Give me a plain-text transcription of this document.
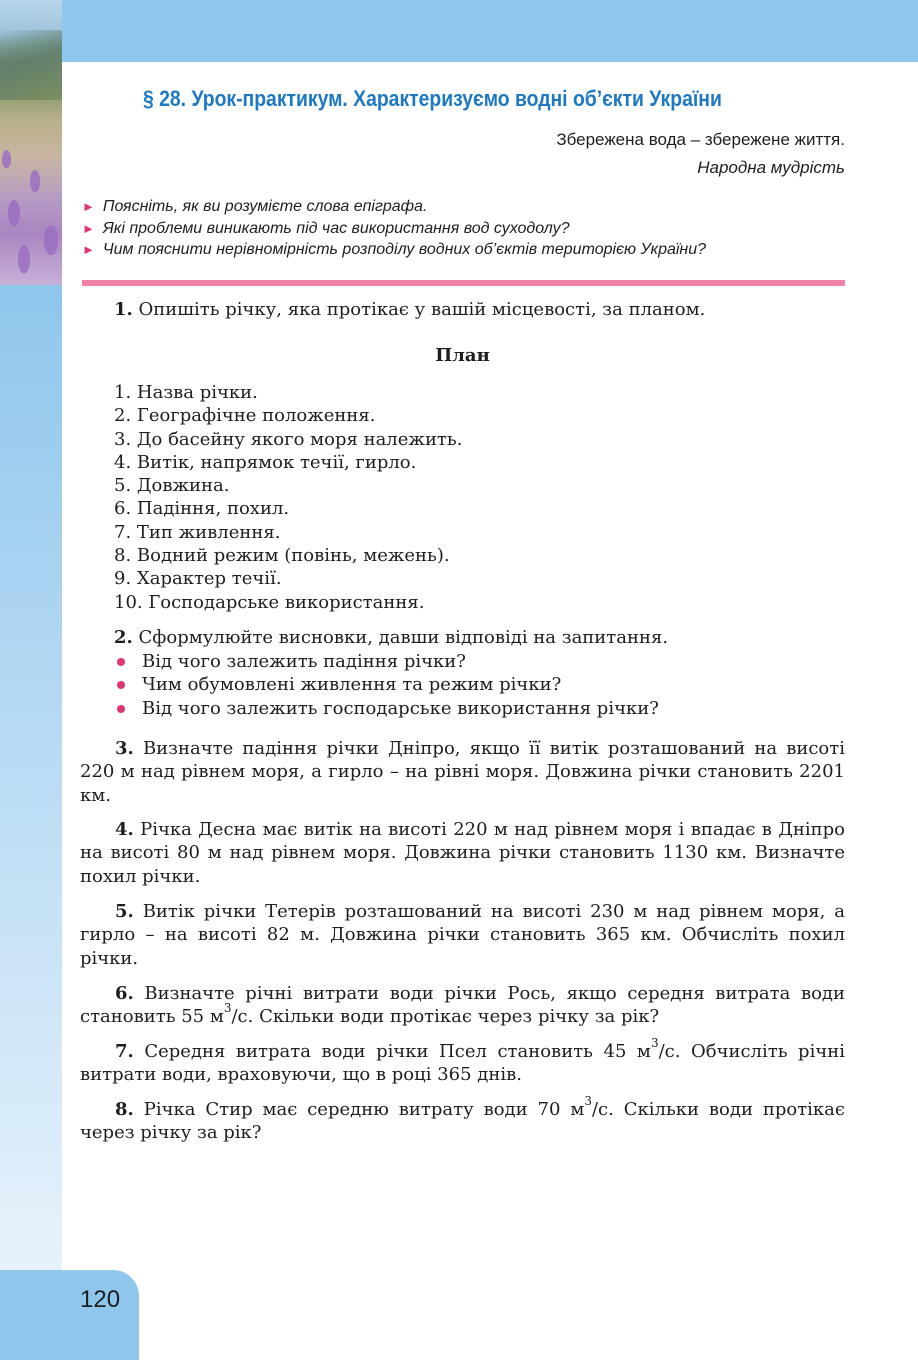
120
§ 28. Урок-практикум. Характеризуємо водні об’єкти України
Збережена вода – збережене життя.
Народна мудрість
► Поясніть, як ви розумієте слова епіграфа.
► Які проблеми виникають під час використання вод суходолу?
► Чим пояснити нерівномірність розподілу водних об’єктів територією України?
1. Опишіть річку, яка протікає у вашій місцевості, за планом.
План
1. Назва річки.
2. Географічне положення.
3. До басейну якого моря належить.
4. Витік, напрямок течії, гирло.
5. Довжина.
6. Падіння, похил.
7. Тип живлення.
8. Водний режим (повінь, межень).
9. Характер течії.
10. Господарське використання.
2. Сформулюйте висновки, давши відповіді на запитання.
Від чого залежить падіння річки?
Чим обумовлені живлення та режим річки?
Від чого залежить господарське використання річки?
3. Визначте падіння річки Дніпро, якщо її витік розташований на висоті 220 м над рівнем моря, а гирло – на рівні моря. Довжина річки становить 2201 км.
4. Річка Десна має витік на висоті 220 м над рівнем моря і впадає в Дніпро на висоті 80 м над рівнем моря. Довжина річки становить 1130 км. Визначте похил річки.
5. Витік річки Тетерів розташований на висоті 230 м над рівнем моря, а гирло – на висоті 82 м. Довжина річки становить 365 км. Обчисліть похил річки.
6. Визначте річні витрати води річки Рось, якщо середня витрата води становить 55 $м^3/с$. Скільки води протікає через річку за рік?
7. Середня витрата води річки Псел становить 45 $м^3/с$. Обчисліть річні витрати води, враховуючи, що в році 365 днів.
8. Річка Стир має середню витрату води 70 $м^3/с$. Скільки води протікає через річку за рік?
